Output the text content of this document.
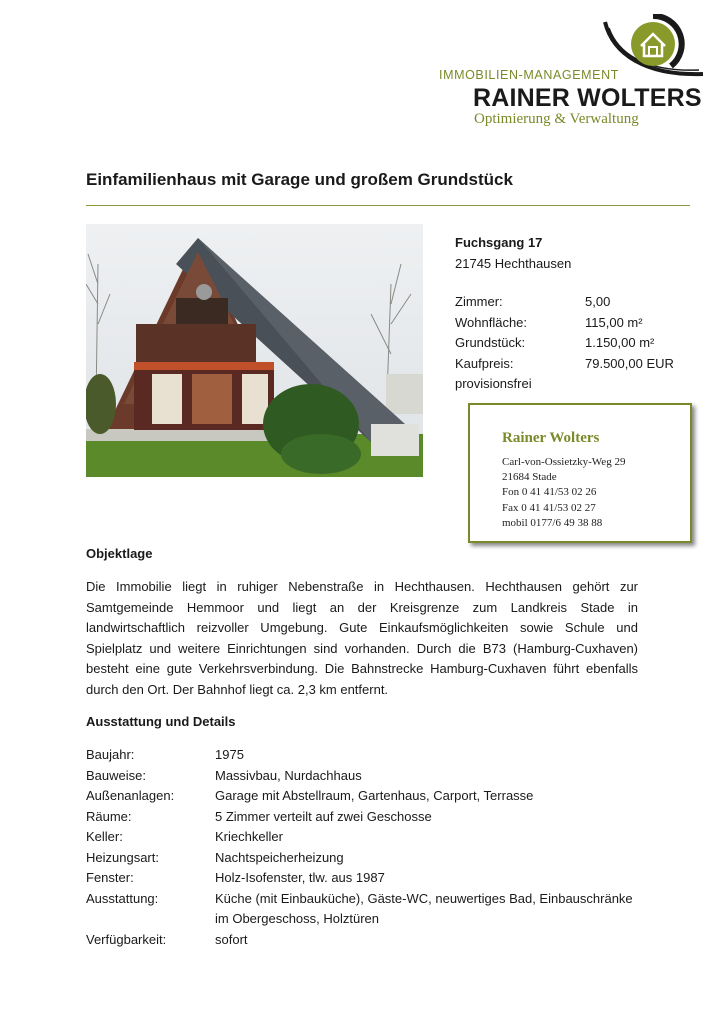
IMMOBILIEN-MANAGEMENT
RAINER WOLTERS
Optimierung & Verwaltung
Einfamilienhaus mit Garage und großem Grundstück
Fuchsgang 17
21745 Hechthausen
Zimmer:	5,00
Wohnfläche:	115,00 m²
Grundstück:	1.150,00 m²
Kaufpreis:	79.500,00 EUR
provisionsfrei
Rainer Wolters
Carl-von-Ossietzky-Weg 29
21684 Stade
Fon 0 41 41/53 02 26
Fax 0 41 41/53 02 27
mobil 0177/6 49 38 88
Objektlage
Die Immobilie liegt in ruhiger Nebenstraße in Hechthausen. Hechthausen gehört zur Samtgemeinde Hemmoor und liegt an der Kreisgrenze zum Landkreis Stade in landwirtschaftlich reizvoller Umgebung. Gute Einkaufsmöglichkeiten sowie Schule und Spielplatz und weitere Einrichtungen sind vorhanden. Durch die B73 (Hamburg-Cuxhaven) besteht eine gute Verkehrsverbindung. Die Bahnstrecke Hamburg-Cuxhaven führt ebenfalls durch den Ort. Der Bahnhof liegt ca. 2,3 km entfernt.
Ausstattung und Details
Baujahr:	1975
Bauweise:	Massivbau, Nurdachhaus
Außenanlagen:	Garage mit Abstellraum, Gartenhaus, Carport, Terrasse
Räume:	5 Zimmer verteilt auf zwei Geschosse
Keller:	Kriechkeller
Heizungsart:	Nachtspeicherheizung
Fenster:	Holz-Isofenster, tlw. aus 1987
Ausstattung:	Küche (mit Einbauküche), Gäste-WC, neuwertiges Bad, Einbauschränke im Obergeschoss, Holztüren
Verfügbarkeit:	sofort
